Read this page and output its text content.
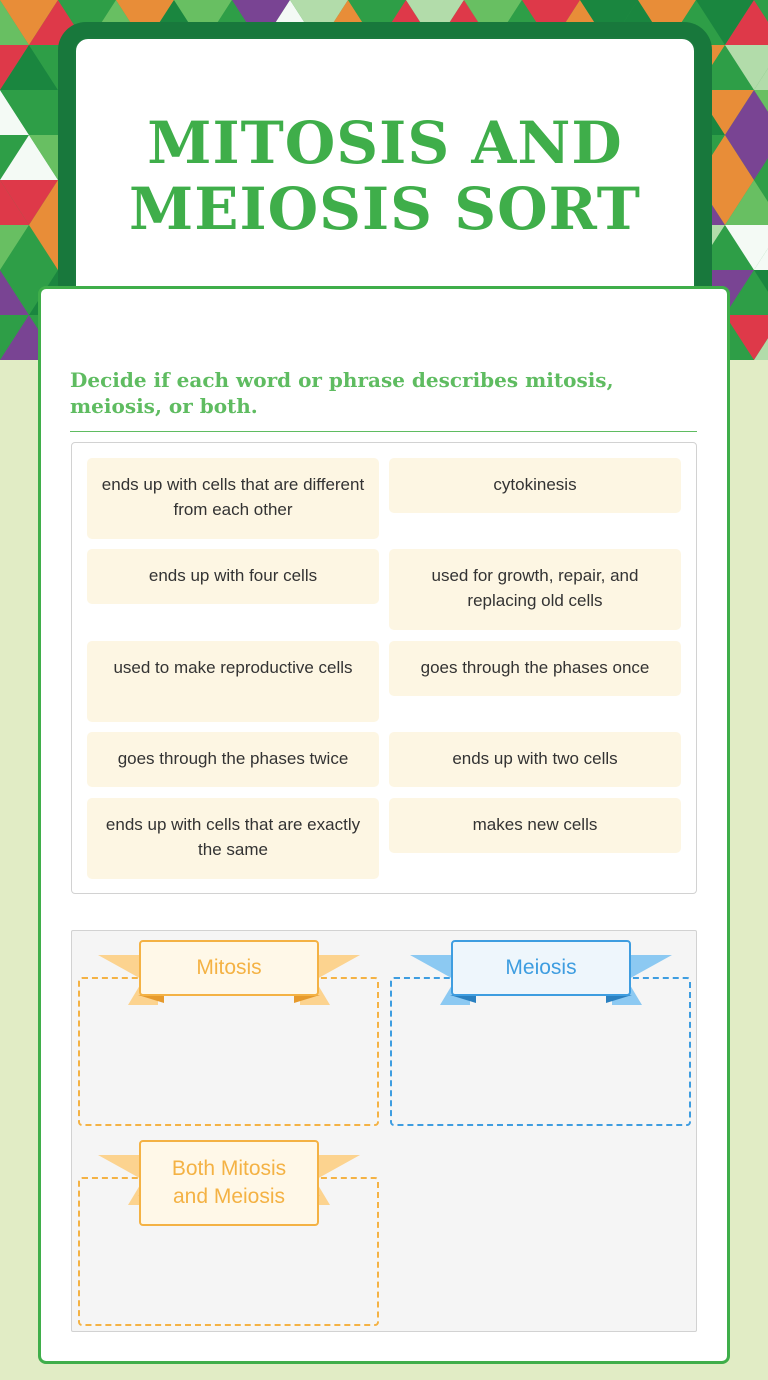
MITOSIS AND MEIOSIS SORT
Decide if each word or phrase describes mitosis, meiosis, or both.
ends up with cells that are different from each other
cytokinesis
ends up with four cells	used for growth, repair, and replacing old cells
used to make reproductive cells	goes through the phases once
goes through the phases twice	ends up with two cells
ends up with cells that are exactly the same
makes new cells
Mitosis	Meiosis
Both Mitosis and Meiosis
